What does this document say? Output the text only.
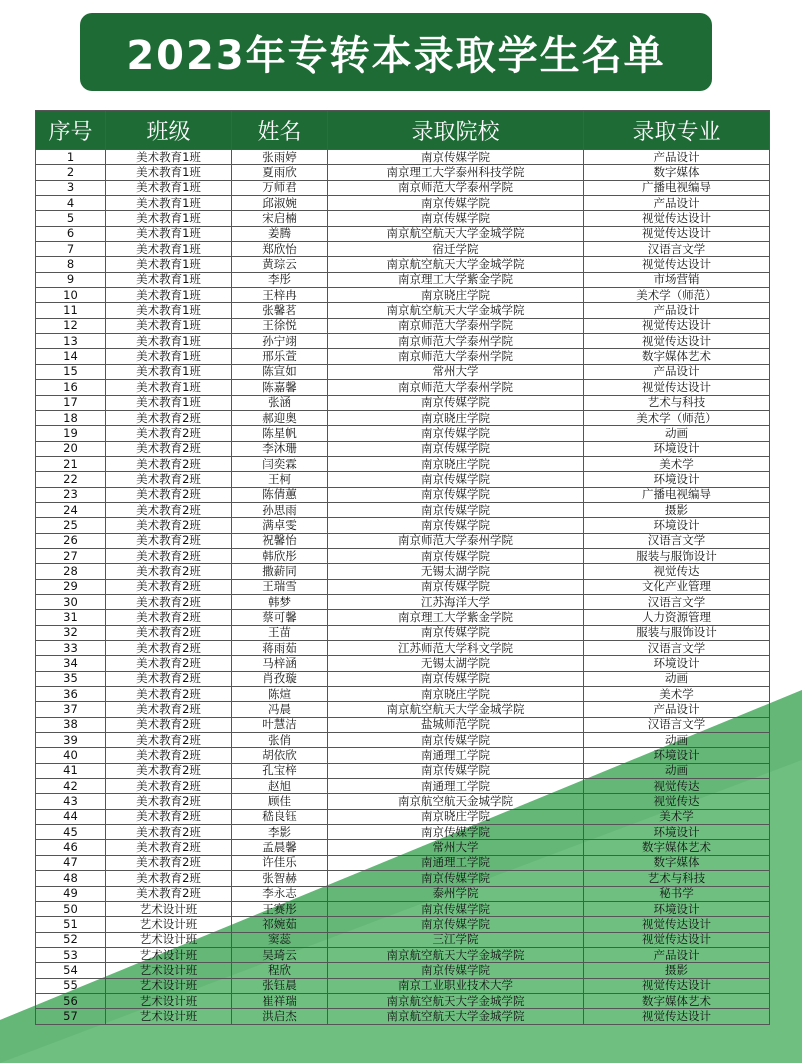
2023年专转本录取学生名单
序号	班级	姓名	录取院校	录取专业
1	美术教育1班	张雨婷	南京传媒学院	产品设计
2	美术教育1班	夏雨欣	南京理工大学泰州科技学院	数字媒体
3	美术教育1班	万师君	南京师范大学泰州学院	广播电视编导
4	美术教育1班	邱淑婉	南京传媒学院	产品设计
5	美术教育1班	宋启楠	南京传媒学院	视觉传达设计
6	美术教育1班	姜腾	南京航空航天大学金城学院	视觉传达设计
7	美术教育1班	郑欣怡	宿迁学院	汉语言文学
8	美术教育1班	黄琮云	南京航空航天大学金城学院	视觉传达设计
9	美术教育1班	李彤	南京理工大学紫金学院	市场营销
10	美术教育1班	王梓冉	南京晓庄学院	美术学（师范）
11	美术教育1班	张馨茗	南京航空航天大学金城学院	产品设计
12	美术教育1班	王徐悦	南京师范大学泰州学院	视觉传达设计
13	美术教育1班	孙宁翊	南京师范大学泰州学院	视觉传达设计
14	美术教育1班	邢乐萱	南京师范大学泰州学院	数字媒体艺术
15	美术教育1班	陈宣如	常州大学	产品设计
16	美术教育1班	陈嘉馨	南京师范大学泰州学院	视觉传达设计
17	美术教育1班	张涵	南京传媒学院	艺术与科技
18	美术教育2班	郝迎奥	南京晓庄学院	美术学（师范）
19	美术教育2班	陈星帆	南京传媒学院	动画
20	美术教育2班	李沐珊	南京传媒学院	环境设计
21	美术教育2班	闫奕霖	南京晓庄学院	美术学
22	美术教育2班	王柯	南京传媒学院	环境设计
23	美术教育2班	陈倩蕙	南京传媒学院	广播电视编导
24	美术教育2班	孙思雨	南京传媒学院	摄影
25	美术教育2班	满卓雯	南京传媒学院	环境设计
26	美术教育2班	祝馨怡	南京师范大学泰州学院	汉语言文学
27	美术教育2班	韩欣彤	南京传媒学院	服装与服饰设计
28	美术教育2班	撒薪同	无锡太湖学院	视觉传达
29	美术教育2班	王瑞雪	南京传媒学院	文化产业管理
30	美术教育2班	韩梦	江苏海洋大学	汉语言文学
31	美术教育2班	蔡可馨	南京理工大学紫金学院	人力资源管理
32	美术教育2班	王苗	南京传媒学院	服装与服饰设计
33	美术教育2班	蒋雨茹	江苏师范大学科文学院	汉语言文学
34	美术教育2班	马梓涵	无锡太湖学院	环境设计
35	美术教育2班	肖孜璇	南京传媒学院	动画
36	美术教育2班	陈煊	南京晓庄学院	美术学
37	美术教育2班	冯晨	南京航空航天大学金城学院	产品设计
38	美术教育2班	叶慧洁	盐城师范学院	汉语言文学
39	美术教育2班	张俏	南京传媒学院	动画
40	美术教育2班	胡依欣	南通理工学院	环境设计
41	美术教育2班	孔宝梓	南京传媒学院	动画
42	美术教育2班	赵旭	南通理工学院	视觉传达
43	美术教育2班	顾佳	南京航空航天金城学院	视觉传达
44	美术教育2班	嵇良钰	南京晓庄学院	美术学
45	美术教育2班	李影	南京传媒学院	环境设计
46	美术教育2班	孟晨馨	常州大学	数字媒体艺术
47	美术教育2班	许佳乐	南通理工学院	数字媒体
48	美术教育2班	张智赫	南京传媒学院	艺术与科技
49	美术教育2班	李永志	泰州学院	秘书学
50	艺术设计班	王赛彤	南京传媒学院	环境设计
51	艺术设计班	祁婉茹	南京传媒学院	视觉传达设计
52	艺术设计班	窦蕊	三江学院	视觉传达设计
53	艺术设计班	吴琦云	南京航空航天大学金城学院	产品设计
54	艺术设计班	程欣	南京传媒学院	摄影
55	艺术设计班	张钰晨	南京工业职业技术大学	视觉传达设计
56	艺术设计班	崔祥瑞	南京航空航天大学金城学院	数字媒体艺术
57	艺术设计班	洪启杰	南京航空航天大学金城学院	视觉传达设计
